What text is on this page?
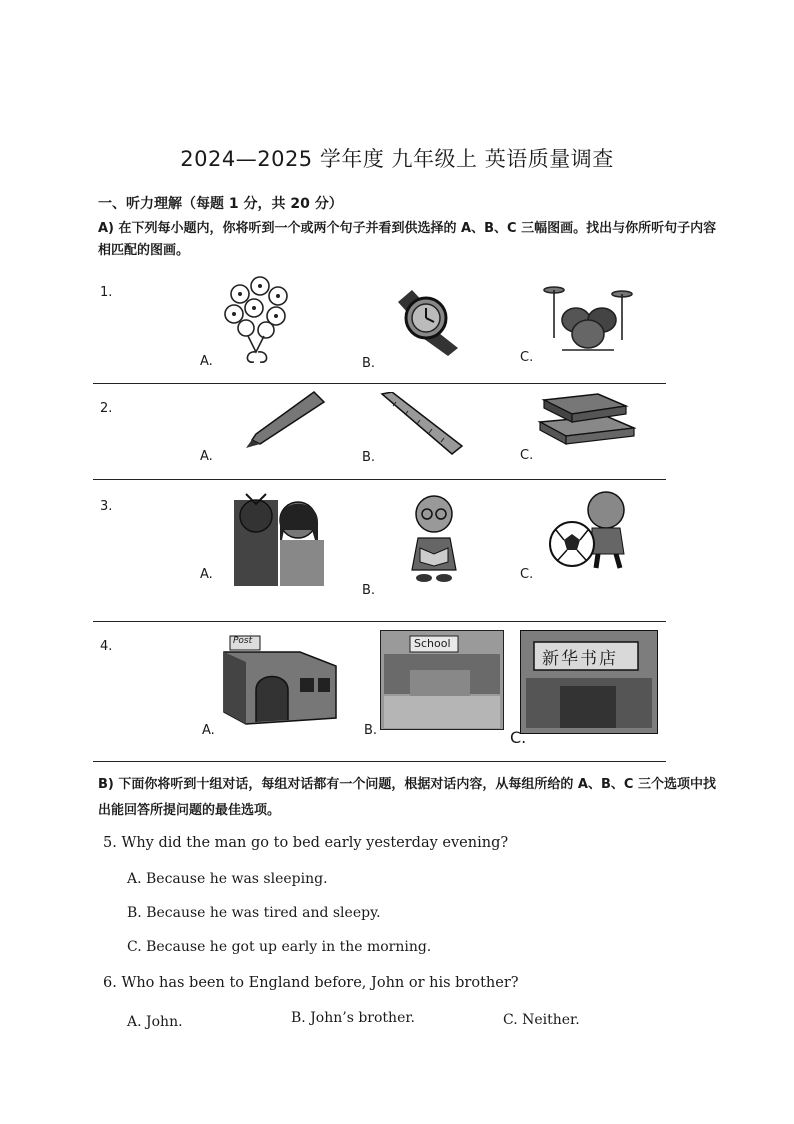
2024—2025 学年度 九年级上 英语质量调查
一、听力理解（每题 1 分，共 20 分）
A) 在下列每小题内，你将听到一个或两个句子并看到供选择的 A、B、C 三幅图画。找出与你所听句子内容相匹配的图画。
1.
A.	B.	C.
2.
A.	B.	C.
3.
A.
B.
C.
4.	Post
A.
School
B.
新华书店
C.
B) 下面你将听到十组对话，每组对话都有一个问题，根据对话内容，从每组所给的 A、B、C 三个选项中找出能回答所提问题的最佳选项。
5. Why did the man go to bed early yesterday evening?
A. Because he was sleeping.
B. Because he was tired and sleepy.
C. Because he got up early in the morning.
6. Who has been to England before, John or his brother?
A. John.	B. John’s brother.	C. Neither.
